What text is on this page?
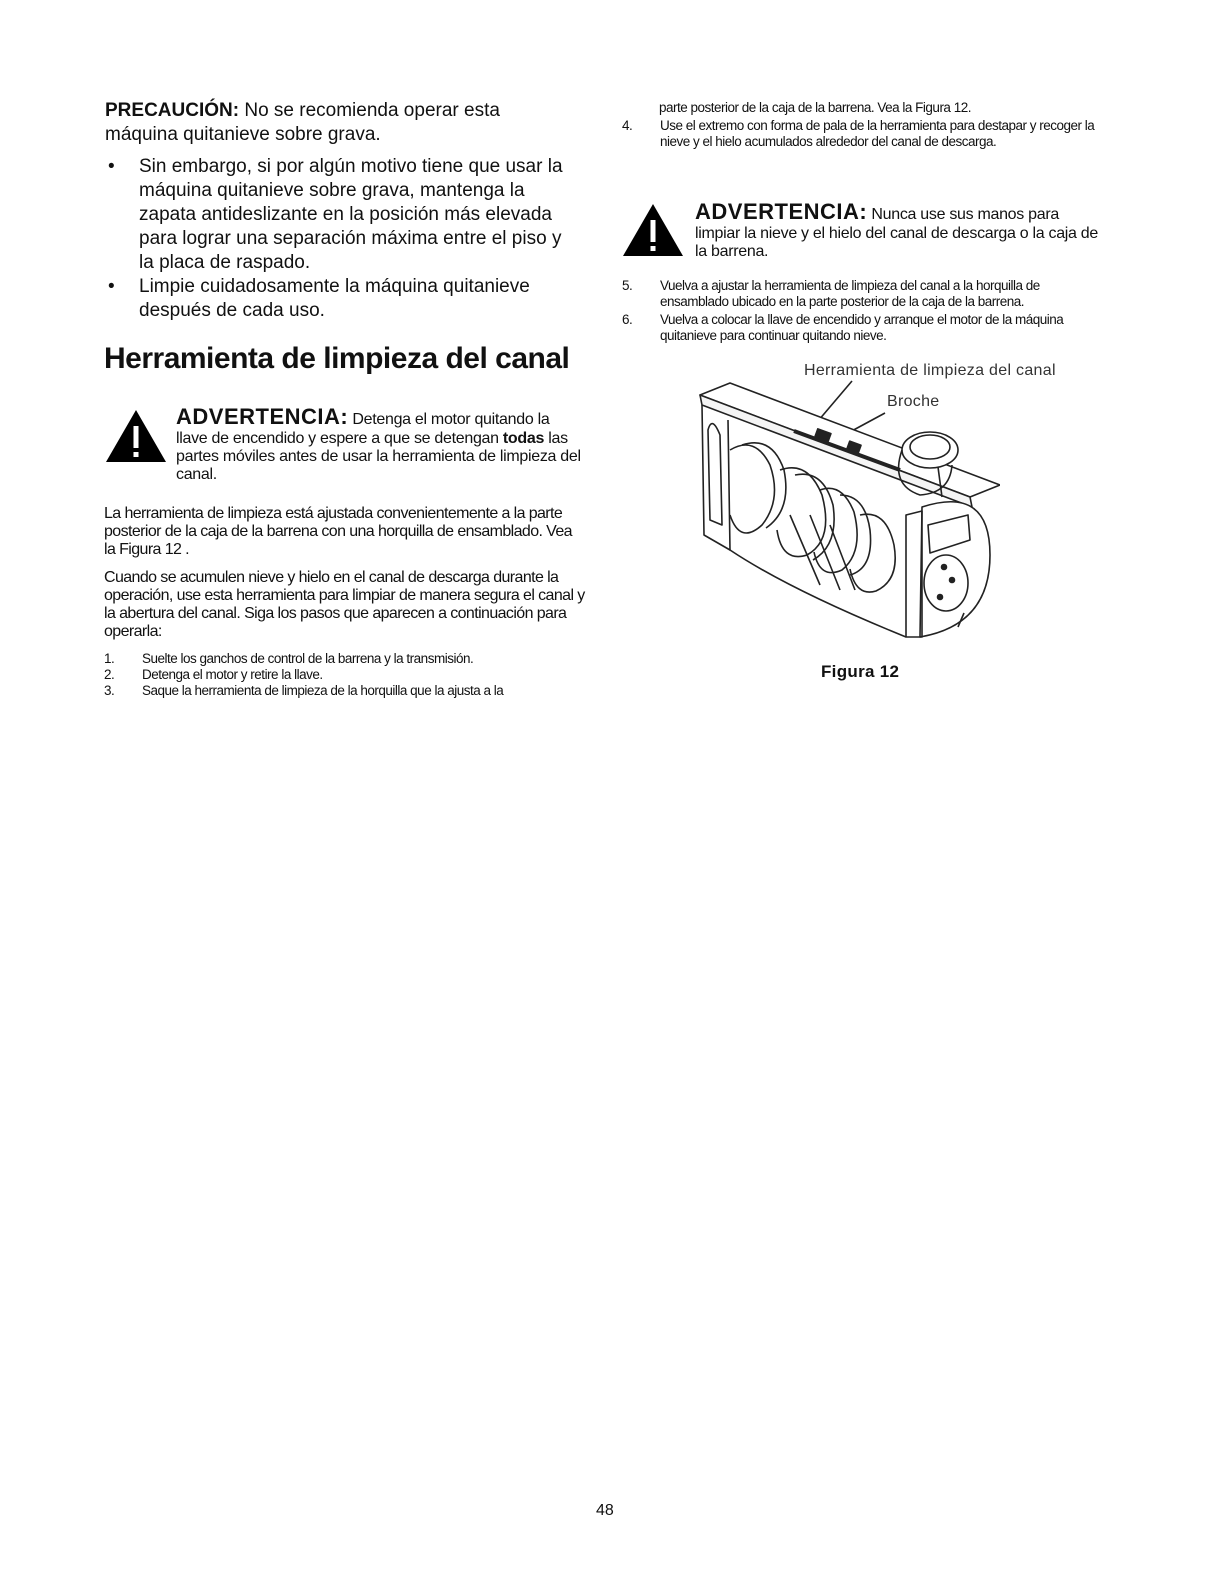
PRECAUCIÓN: No se recomienda operar esta máquina quitanieve sobre grava.
• Sin embargo, si por algún motivo tiene que usar la máquina quitanieve sobre grava, mantenga la zapata antideslizante en la posición más elevada para lograr una separación máxima entre el piso y la placa de raspado.
• Limpie cuidadosamente la máquina quitanieve después de cada uso.
Herramienta de limpieza del canal
ADVERTENCIA: Detenga el motor quitando la llave de encendido y espere a que se detengan todas las partes móviles antes de usar la herramienta de limpieza del canal.
La herramienta de limpieza está ajustada convenientemente a la parte posterior de la caja de la barrena con una horquilla de ensamblado. Vea la Figura 12 .
Cuando se acumulen nieve y hielo en el canal de descarga durante la operación, use esta herramienta para limpiar de manera segura el canal y la abertura del canal. Siga los pasos que aparecen a continuación para operarla:
1. Suelte los ganchos de control de la barrena y la transmisión.
2. Detenga el motor y retire la llave.
3. Saque la herramienta de limpieza de la horquilla que la ajusta a la
parte posterior de la caja de la barrena. Vea la Figura 12.
4. Use el extremo con forma de pala de la herramienta para destapar y recoger la nieve y el hielo acumulados alrededor del canal de descarga.
ADVERTENCIA: Nunca use sus manos para limpiar la nieve y el hielo del canal de descarga o la caja de la barrena.
5. Vuelva a ajustar la herramienta de limpieza del canal a la horquilla de ensamblado ubicado en la parte posterior de la caja de la barrena.
6. Vuelva a colocar la llave de encendido y arranque el motor de la máquina quitanieve para continuar quitando nieve.
Herramienta de limpieza del canal
Broche
Figura 12
48
